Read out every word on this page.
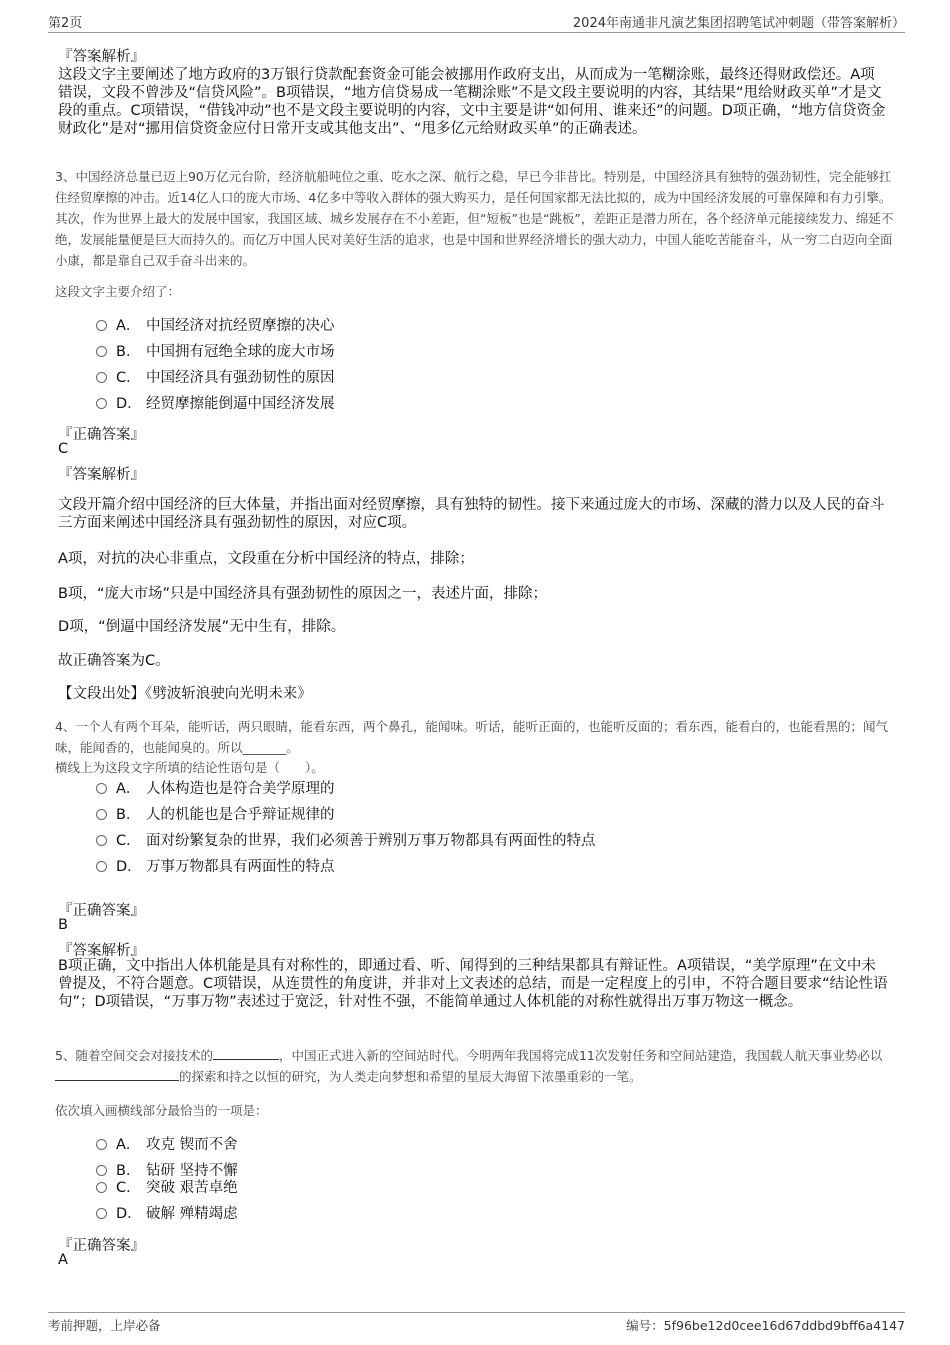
第2页	2024年南通非凡演艺集团招聘笔试冲刺题（带答案解析）
『答案解析』
这段文字主要阐述了地方政府的3万银行贷款配套资金可能会被挪用作政府支出，从而成为一笔糊涂账，最终还得财政偿还。A项错误，文段不曾涉及“信贷风险”。B项错误，“地方信贷易成一笔糊涂账”不是文段主要说明的内容，其结果“甩给财政买单”才是文段的重点。C项错误，“借钱冲动”也不是文段主要说明的内容，文中主要是讲“如何用、谁来还”的问题。D项正确，“地方信贷资金财政化”是对“挪用信贷资金应付日常开支或其他支出”、“甩多亿元给财政买单”的正确表述。
3、中国经济总量已迈上90万亿元台阶，经济航船吨位之重、吃水之深、航行之稳，早已今非昔比。特别是，中国经济具有独特的强劲韧性，完全能够扛住经贸摩擦的冲击。近14亿人口的庞大市场、4亿多中等收入群体的强大购买力，是任何国家都无法比拟的，成为中国经济发展的可靠保障和有力引擎。其次，作为世界上最大的发展中国家，我国区域、城乡发展存在不小差距，但“短板”也是“跳板”，差距正是潜力所在，各个经济单元能接续发力、绵延不绝，发展能量便是巨大而持久的。而亿万中国人民对美好生活的追求，也是中国和世界经济增长的强大动力，中国人能吃苦能奋斗，从一穷二白迈向全面小康，都是靠自己双手奋斗出来的。
这段文字主要介绍了：
A． 中国经济对抗经贸摩擦的决心
B． 中国拥有冠绝全球的庞大市场
C． 中国经济具有强劲韧性的原因
D． 经贸摩擦能倒逼中国经济发展
『正确答案』
C
『答案解析』
文段开篇介绍中国经济的巨大体量，并指出面对经贸摩擦，具有独特的韧性。接下来通过庞大的市场、深藏的潜力以及人民的奋斗三方面来阐述中国经济具有强劲韧性的原因，对应C项。
A项，对抗的决心非重点，文段重在分析中国经济的特点，排除；
B项，“庞大市场”只是中国经济具有强劲韧性的原因之一，表述片面，排除；
D项，“倒逼中国经济发展”无中生有，排除。
故正确答案为C。
【文段出处】《劈波斩浪驶向光明未来》
4、一个人有两个耳朵，能听话，两只眼睛，能看东西，两个鼻孔，能闻味。听话，能听正面的，也能听反面的；看东西，能看白的，也能看黑的；闻气味，能闻香的，也能闻臭的。所以_______。
横线上为这段文字所填的结论性语句是（　　）。
A． 人体构造也是符合美学原理的
B． 人的机能也是合乎辩证规律的
C． 面对纷繁复杂的世界，我们必须善于辨别万事万物都具有两面性的特点
D． 万事万物都具有两面性的特点
『正确答案』
B
『答案解析』
B项正确，文中指出人体机能是具有对称性的，即通过看、听、闻得到的三种结果都具有辩证性。A项错误，“美学原理”在文中未曾提及，不符合题意。C项错误，从连贯性的角度讲，并非对上文表述的总结，而是一定程度上的引申，不符合题目要求“结论性语句”；D项错误，“万事万物”表述过于宽泛，针对性不强，不能简单通过人体机能的对称性就得出万事万物这一概念。
5、随着空间交会对接技术的	，中国正式进入新的空间站时代。今明两年我国将完成11次发射任务和空间站建造，我国载人航天事业势必以的探索和持之以恒的研究，为人类走向梦想和希望的星辰大海留下浓墨重彩的一笔。
依次填入画横线部分最恰当的一项是：
A． 攻克 锲而不舍
B． 钻研 坚持不懈
C． 突破 艰苦卓绝
D． 破解 殚精竭虑
『正确答案』
A
考前押题，上岸必备	编号：5f96be12d0cee16d67ddbd9bff6a4147
